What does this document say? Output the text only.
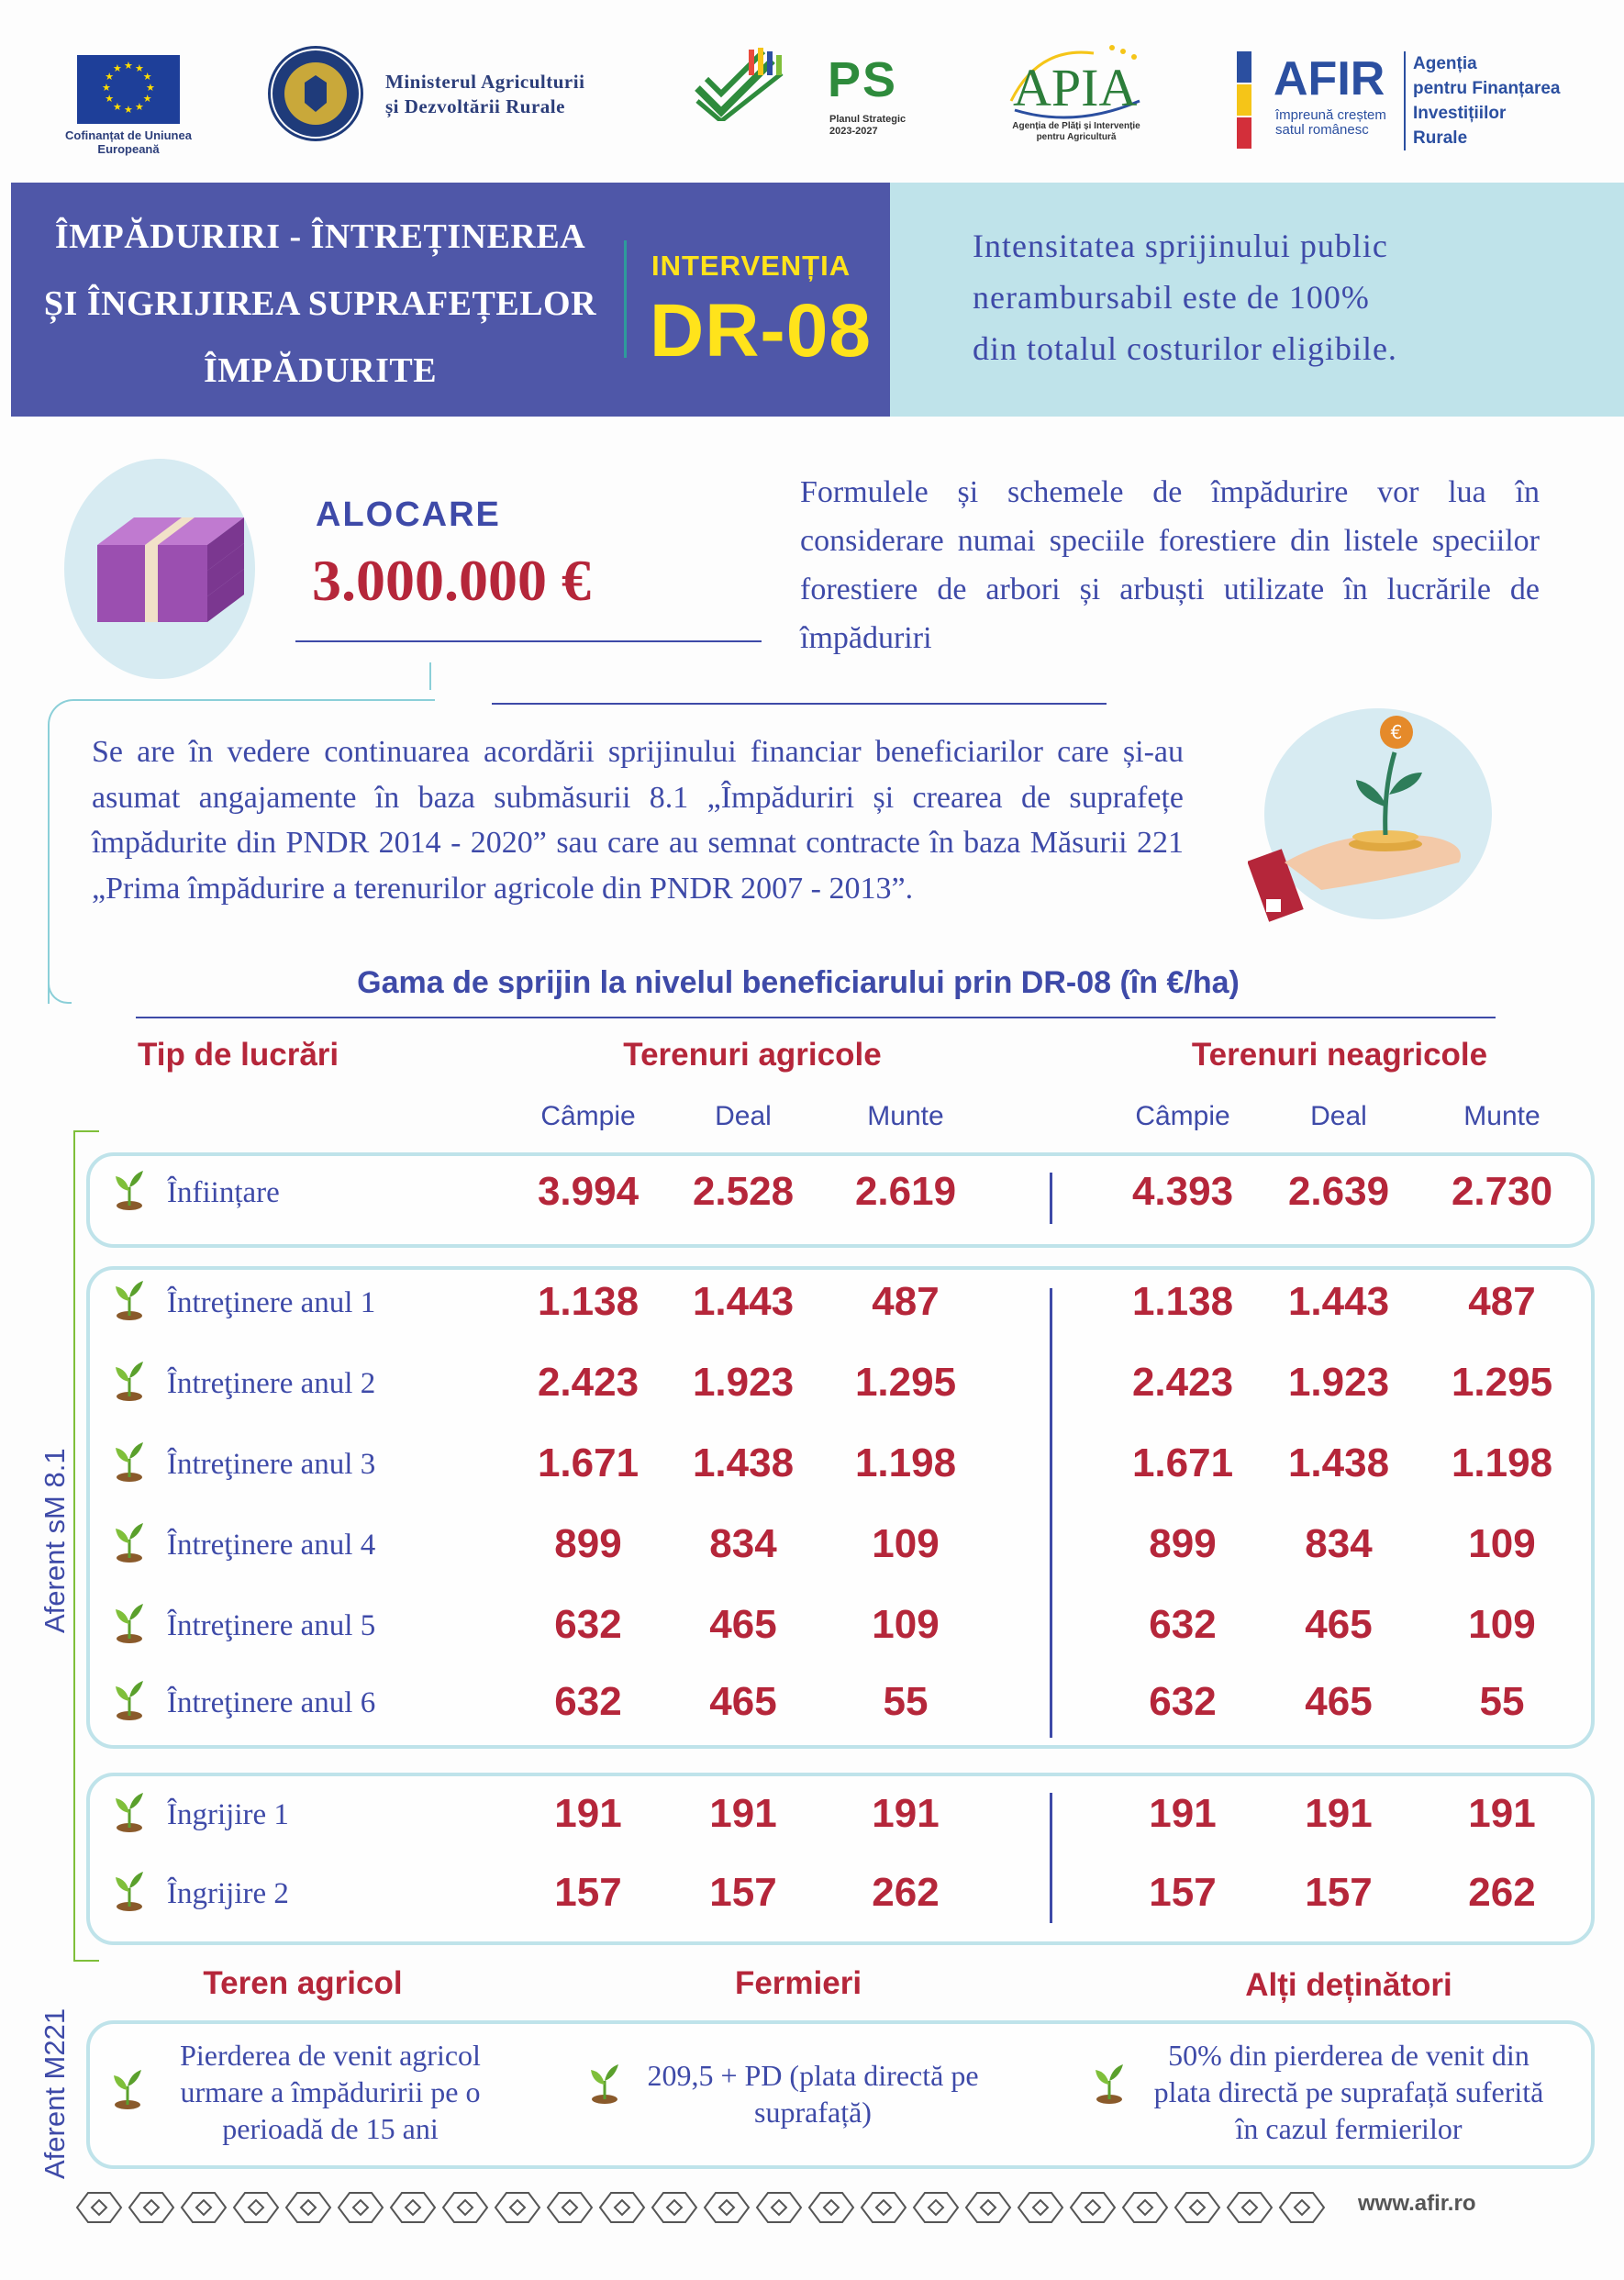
★
★
★
★
★
★
★
★
★ ★ ★
★
Cofinanțat de Uniunea Europeană
Ministerul Agriculturii
și Dezvoltării Rurale	PS
Planul Strategic
2023-2027
APIA
Agenția de Plăți și Intervenție pentru Agricultură
AFIR
împreună creștem
satul românesc
Agenția
pentru Finanțarea
Investițiilor
Rurale
ÎMPĂDURIRI - ÎNTREȚINEREA
ȘI ÎNGRIJIREA SUPRAFEȚELOR
ÎMPĂDURITE
INTERVENȚIA
DR-08
Intensitatea sprijinului public
nerambursabil este de 100%
din totalul costurilor eligibile.
ALOCARE
3.000.000 €
Formulele și schemele de împădurire vor lua în considerare numai speciile forestiere din listele speciilor forestiere de arbori și arbuști utilizate în lucrările de împăduriri
Se are în vedere continuarea acordării sprijinului financiar beneficiarilor care și-au asumat angajamente în baza submăsurii 8.1 „Împăduriri și crearea de suprafețe împădurite din PNDR 2014 - 2020” sau care au semnat contracte în baza Măsurii 221 „Prima împădurire a terenurilor agricole din PNDR 2007 - 2013”.
€
Gama de sprijin la nivelul beneficiarului prin DR-08 (în €/ha)
Tip de lucrări	Terenuri agricole	Terenuri neagricole
Câmpie	Deal	Munte	Câmpie	Deal	Munte
Aferent sM 8.1
Aferent M221
Înființare	3.994	2.528	2.619	4.393	2.639	2.730
Întreţinere anul 1	1.138	1.443	487	1.138	1.443	487
Întreţinere anul 2	2.423	1.923	1.295	2.423	1.923	1.295
Întreţinere anul 3	1.671	1.438	1.198	1.671	1.438	1.198
Întreţinere anul 4	899	834	109	899	834	109
Întreţinere anul 5	632	465	109	632	465	109
Întreţinere anul 6	632	465	55	632	465	55
Îngrijire 1	191	191	191	191	191	191
Îngrijire 2	157	157	262	157	157	262
Teren agricol	Fermieri	Alți deținători
Pierderea de venit agricol urmare a împăduririi pe o perioadă de 15 ani
209,5 + PD (plata directă pe suprafață)
50% din pierderea de venit din plata directă pe suprafață suferită în cazul fermierilor
www.afir.ro
